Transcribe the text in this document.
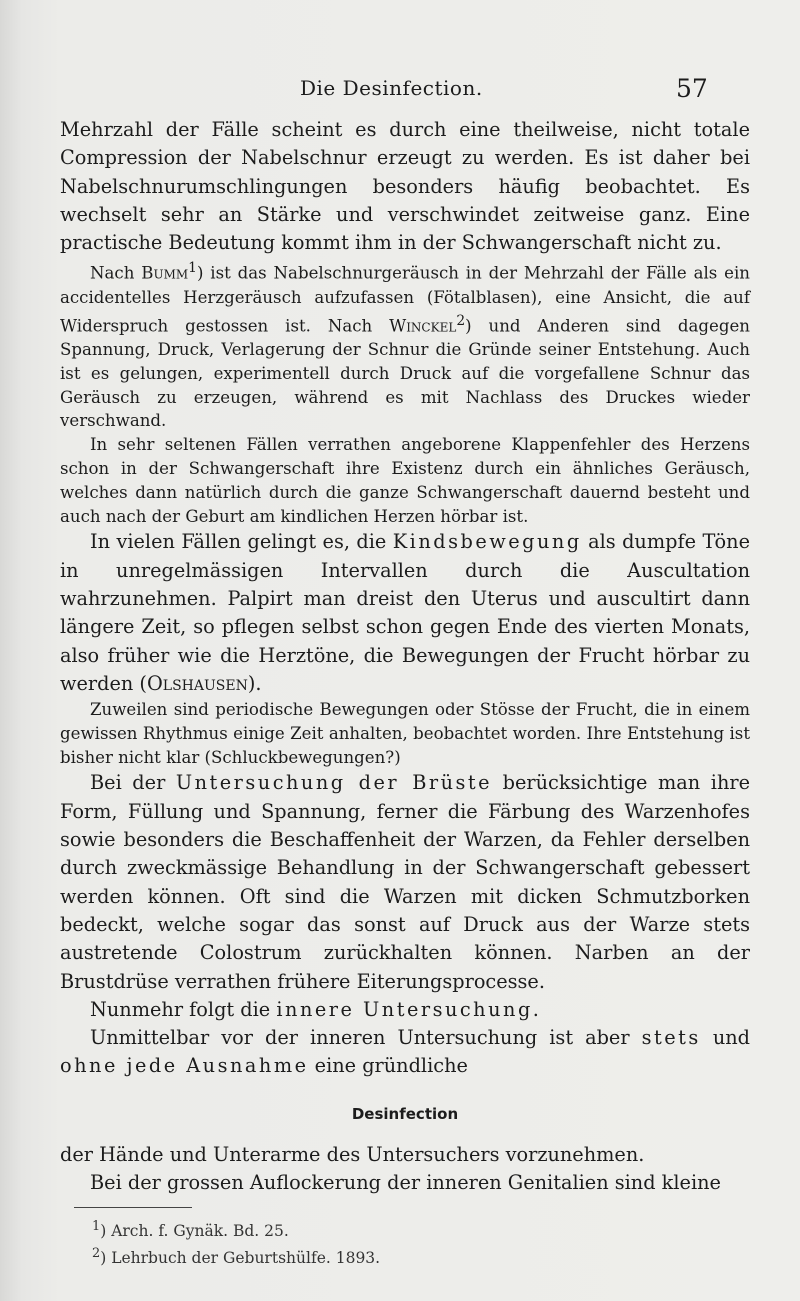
Die Desinfection.	57

Mehrzahl der Fälle scheint es durch eine theilweise, nicht totale Compression der Nabelschnur erzeugt zu werden. Es ist daher bei Nabelschnurumschlingungen besonders häufig beobachtet. Es wechselt sehr an Stärke und verschwindet zeitweise ganz. Eine practische Bedeutung kommt ihm in der Schwangerschaft nicht zu.

Nach Bumm$^1$) ist das Nabelschnurgeräusch in der Mehrzahl der Fälle als ein accidentelles Herzgeräusch aufzufassen (Fötalblasen), eine Ansicht, die auf Widerspruch gestossen ist. Nach Winckel$^2$) und Anderen sind dagegen Spannung, Druck, Verlagerung der Schnur die Gründe seiner Entstehung. Auch ist es gelungen, experimentell durch Druck auf die vorgefallene Schnur das Geräusch zu erzeugen, während es mit Nachlass des Druckes wieder verschwand.

In sehr seltenen Fällen verrathen angeborene Klappenfehler des Herzens schon in der Schwangerschaft ihre Existenz durch ein ähnliches Geräusch, welches dann natürlich durch die ganze Schwangerschaft dauernd besteht und auch nach der Geburt am kindlichen Herzen hörbar ist.

In vielen Fällen gelingt es, die Kindsbewegung als dumpfe Töne in unregelmässigen Intervallen durch die Auscultation wahrzunehmen. Palpirt man dreist den Uterus und auscultirt dann längere Zeit, so pflegen selbst schon gegen Ende des vierten Monats, also früher wie die Herztöne, die Bewegungen der Frucht hörbar zu werden (Olshausen).

Zuweilen sind periodische Bewegungen oder Stösse der Frucht, die in einem gewissen Rhythmus einige Zeit anhalten, beobachtet worden. Ihre Entstehung ist bisher nicht klar (Schluckbewegungen?)

Bei der Untersuchung der Brüste berücksichtige man ihre Form, Füllung und Spannung, ferner die Färbung des Warzenhofes sowie besonders die Beschaffenheit der Warzen, da Fehler derselben durch zweckmässige Behandlung in der Schwangerschaft gebessert werden können. Oft sind die Warzen mit dicken Schmutzborken bedeckt, welche sogar das sonst auf Druck aus der Warze stets austretende Colostrum zurückhalten können. Narben an der Brustdrüse verrathen frühere Eiterungsprocesse.

Nunmehr folgt die innere Untersuchung.

Unmittelbar vor der inneren Untersuchung ist aber stets und ohne jede Ausnahme eine gründliche

Desinfection

der Hände und Unterarme des Untersuchers vorzunehmen.

Bei der grossen Auflockerung der inneren Genitalien sind kleine

$^1$) Arch. f. Gynäk. Bd. 25.
$^2$) Lehrbuch der Geburtshülfe. 1893.
